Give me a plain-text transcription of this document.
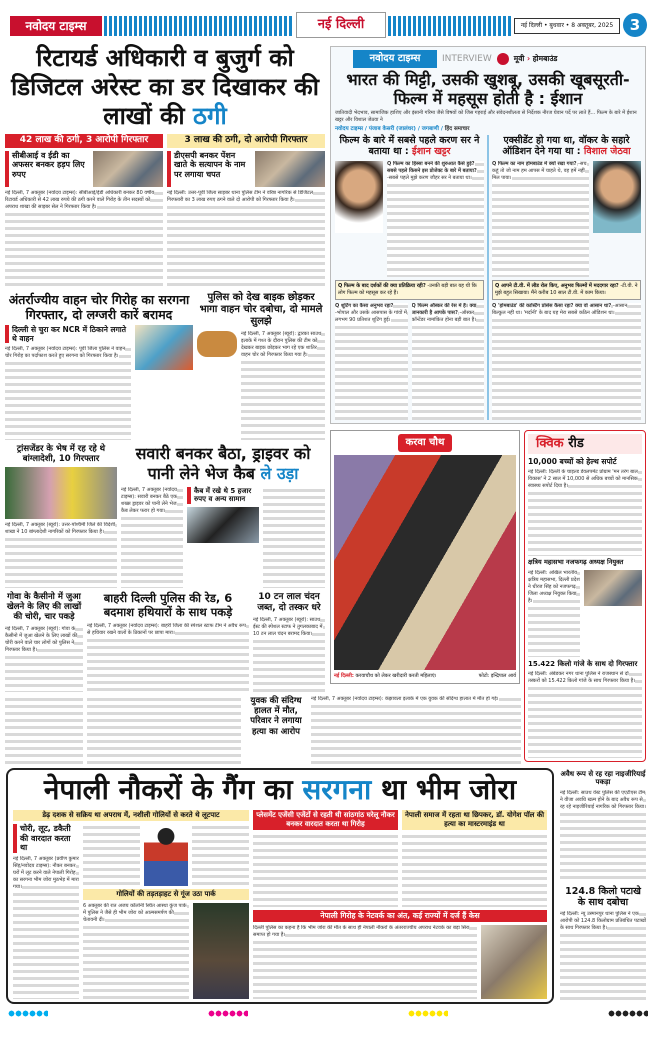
नवोदय टाइम्स	नई दिल्ली	नई दिल्ली • बुधवार • 8 अक्तूबर, 2025	3
रिटायर्ड अधिकारी व बुजुर्ग को डिजिटल अरेस्ट का डर दिखाकर की लाखों की ठगी
42 लाख की ठगी, 3 आरोपी गिरफ्तार	3 लाख की ठगी, दो आरोपी गिरफ्तार
सीबीआई व ईडी का अफसर बनकर हड़प लिए रुपए
नई दिल्ली, 7 अक्तूबर (नवोदय टाइम्स): सीबीआई/ईडी अधिकारी बनकर 80 वर्षीय रिटायर्ड अधिकारी से 42 लाख रुपये की ठगी करने वाले गिरोह के तीन सदस्यों को अपराध शाखा की साइबर सेल ने गिरफ्तार किया है।
डीएसपी बनकर पेंशन खाते के सत्यापन के नाम पर लगाया चपत
नई दिल्ली: उत्तर-पूर्वी जिला साइबर थाना पुलिस टीम ने वरिष्ठ नागरिक से डिजिटल गिरफ्तारी का 3 लाख रुपए ठगने वाले दो आरोपी को गिरफ्तार किया है।
अंतर्राज्यीय वाहन चोर गिरोह का सरगना गिरफ्तार, दो लग्जरी कारें बरामद
दिल्ली से चुरा कर NCR में ठिकाने लगाते थे वाहन
नई दिल्ली, 7 अक्तूबर (नवोदय टाइम्स): पूर्वी जिला पुलिस ने वाहन चोर गिरोह का पर्दाफाश करते हुए सरगना को गिरफ्तार किया है।
पुलिस को देख बाइक छोड़कर भागा वाहन चोर दबोचा, दो मामले सुलझे
नई दिल्ली, 7 अक्तूबर (ब्यूरो): द्वारका साउथ इलाके में गश्त के दौरान पुलिस की टीम को देखकर बाइक छोड़कर भाग रहे एक शातिर वाहन चोर को गिरफ्तार किया गया है।
ट्रांसजेंडर के भेष में रह रहे थे बांग्लादेशी, 10 गिरफ्तार
नई दिल्ली, 7 अक्तूबर (ब्यूरो): उत्तर-पश्चिमी जिले की विदेशी शाखा ने 10 बांग्लादेशी नागरिकों को गिरफ्तार किया है।
सवारी बनकर बैठा, ड्राइवर को पानी लेने भेज कैब ले उड़ा
नई दिल्ली, 7 अक्तूबर (नवोदय टाइम्स): सवारी बनकर बैठे एक शख्स ड्राइवर को पानी लेने भेज कैब लेकर फरार हो गया।
कैब में रखे थे 5 हजार रुपए व अन्य सामान
गोवा के कैसीनो में जुआ खेलने के लिए की लाखों की चोरी, चार पकड़े
नई दिल्ली, 7 अक्तूबर (ब्यूरो): गोवा के कैसीनो में जुआ खेलने के लिए लाखों की चोरी करने वाले चार लोगों को पुलिस ने गिरफ्तार किया है।
बाहरी दिल्ली पुलिस की रेड, 6 बदमाश हथियारों के साथ पकड़े
नई दिल्ली, 7 अक्तूबर (नवोदय टाइम्स): बाहरी जिला की स्पेशल स्टाफ टीम ने अवैध रूप से हथियार रखने वालों के ठिकानों पर छापा मारा।
10 टन लाल चंदन जब्त, दो तस्कर धरे
नई दिल्ली, 7 अक्तूबर (ब्यूरो): साउथ ईस्ट की स्पेशल स्टाफ ने तुगलकाबाद में 10 टन लाल चंदन बरामद किया।
युवक की संदिग्ध हालत में मौत, परिवार ने लगाया हत्या का आरोप
नई दिल्ली, 7 अक्तूबर (नवोदय टाइम्स): कंझावला इलाके में एक युवक की संदिग्ध हालात में मौत हो गई।
नवोदय टाइम्स	INTERVIEW	मूवी › होमबाउंड
भारत की मिट्टी, उसकी खुशबू, उसकी खूबसूरती- फिल्म में महसूस होती है : ईशान
जातिवादी भेदभाव, सामाजिक हाशिए और इंसानी गरिमा जैसे विषयों को जिस गहराई और संवेदनशीलता से निर्देशक नीरज घेवान पर्दे पर लाते हैं... फिल्म के बारे में ईशान खट्टर और विशाल जेठवा ने
नवोदय टाइम्स / पंजाब केसरी (जालंधर) / जगबाणी / हिंद समाचार
फिल्म के बारे में सबसे पहले करण सर ने बताया था : ईशान खट्टर
Q फिल्म का हिस्सा बनने की शुरुआत कैसे हुई? सबसे पहले किसने इस प्रोजेक्ट के बारे में बताया? -सबसे पहले मुझे करण जौहर सर ने बताया था।
Q फिल्म के बाद दर्शकों की क्या प्रतिक्रिया रही? -उनकी बड़ी बात यह थी कि लोग फिल्म को महसूस कर रहे हैं।
Q शूटिंग का कैसा अनुभव रहा? -भोपाल और उसके आसपास के गांवों में लगभग 90 प्रतिशत शूटिंग हुई।
Q फिल्म ऑस्कर की रेस में है। क्या जानकारी है आपके पास? -ऑस्कर कॉन्टेंडर नामांकित होना बड़ी बात है।
एक्सीडेंट हो गया था, वॉकर के सहारे ऑडिशन देने गया था : विशाल जेठवा
Q फिल्म का नाम होमबाउंड में क्यों रखा गया? -सच कहूं तो जो नाम हम आपस में चाहते थे, वह हमें नहीं मिल पाया।
Q आपने टी.वी. में लीड रोल किए, अनुभव फिल्मों में मददगार रहा? -टी.वी. ने मुझे बहुत सिखाया। मैंने करीब 10 साल टी.वी. में काम किया।
Q 'होमबाउंड' की कास्टिंग प्रोसेस कैसा रहा? क्या वो आसान था? -आसान बिल्कुल नहीं था। 'मर्दानी' के बाद यह मेरा सबसे कठिन ऑडिशन था।
करवा चौथ
नई दिल्ली: करवाचौथ को लेकर खरीदारी करती महिलाएं।	फोटो: इन्द्रिपाल आर्य
क्विक रीड
10,000 बच्चों को हेल्थ सपोर्ट
नई दिल्ली: दिल्ली के चाइल्ड डेवलपमेंट प्रोग्राम 'मन तरंग बाल विकास' ने 2 साल में 10,000 से अधिक बच्चों को मानसिक स्वास्थ्य सपोर्ट दिया है।
क्षत्रिय महासभा नजफगढ़ अध्यक्ष नियुक्त
नई दिल्ली: अखिल भारतीय क्षत्रिय महासभा, दिल्ली प्रदेश ने धीरज सिंह को नजफगढ़ जिला अध्यक्ष नियुक्त किया है।
15.422 किलो गांजे के साथ दो गिरफ्तार
नई दिल्ली: अंबेडकर नगर थाना पुलिस ने राजस्थान से दो तस्करों को 15.422 किलो गांजे के साथ गिरफ्तार किया है।
नेपाली नौकरों के गैंग का सरगना था भीम जोरा
डेढ़ दशक से सक्रिय था अपराध में, नशीली गोलियों से करते थे लूटपाट
चोरी, लूट, डकैती की वारदात करता था
नई दिल्ली, 7 अक्तूबर (प्रवीण कुमार सिंह/नवोदय टाइम्स): नौकर बनकर घरों में लूट करने वाले नेपाली गिरोह का सरगना भीम जोरा मुठभेड़ में मारा गया।
गोलियों की तड़तड़ाहट से गूंज उठा पार्क
6 अक्तूबर की रात अजय कॉलोनी स्थित आस्था कुंज पार्क में पुलिस ने जैसे ही भीम जोरा को आत्मसमर्पण की चेतावनी दी।
प्लेसमेंट एजेंसी एजेंटों से रहती थी सांठगांठ घरेलू नौकर बनकर वारदात करता था गिरोह
नेपाली समाज में रहता था छिपकर, डॉ. योगेश पॉल की हत्या का मास्टरमाइंड था
नेपाली गिरोह के नेटवर्क का अंत, कई राज्यों में दर्ज हैं केस
दिल्ली पुलिस का कहना है कि भीम जोरा की मौत के साथ ही नेपाली नौकरों के अंतरराज्यीय अपराध नेटवर्क का बड़ा सिरा समाप्त हो गया है।
अवैध रूप से रह रहा नाइजीरियाई पकड़ा
नई दिल्ली: साउथ वेस्ट पुलिस की एएटीएस टीम ने वीजा अवधि खत्म होने के बाद अवैध रूप से रह रहे नाइजीरियाई नागरिक को गिरफ्तार किया।
124.8 किलो पटाखे के साथ दबोचा
नई दिल्ली: न्यू उस्मानपुर थाना पुलिस ने एक आरोपी को 124.8 किलोग्राम प्रतिबंधित पटाखों के साथ गिरफ्तार किया है।
